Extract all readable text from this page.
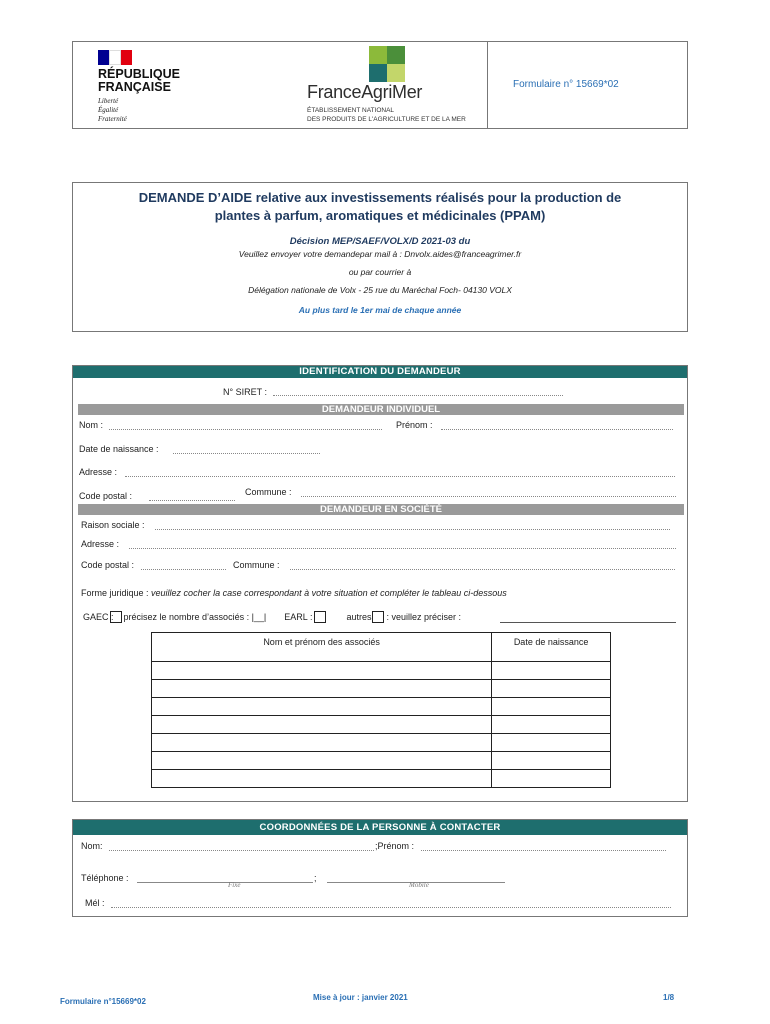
RÉPUBLIQUE
FRANÇAISE
Liberté
Égalité
Fraternité
FranceAgriMer
ÉTABLISSEMENT NATIONAL
DES PRODUITS DE L'AGRICULTURE ET DE LA MER
Formulaire n° 15669*02
DEMANDE D’AIDE relative aux investissements réalisés pour la production de
plantes à parfum, aromatiques et médicinales (PPAM)
Décision MEP/SAEF/VOLX/D 2021-03 du
Veuillez envoyer votre demandepar mail à : Dnvolx.aides@franceagrimer.fr
ou par courrier à
Délégation nationale de Volx - 25 rue du Maréchal Foch- 04130 VOLX
Au plus tard le 1er mai de chaque année
IDENTIFICATION DU DEMANDEUR
N° SIRET :
DEMANDEUR INDIVIDUEL
Nom :	Prénom :
Date de naissance :
Adresse :
Code postal :	Commune :
DEMANDEUR EN SOCIÉTÉ
Raison sociale :
Adresse :
Code postal :	Commune :
Forme juridique : veuillez cocher la case correspondant à votre situation et compléter le tableau ci-dessous
GAEC : précisez le nombre d’associés : |__| EARL :	autres : veuillez préciser :
Nom et prénom des associés	Date de naissance

COORDONNÉES DE LA PERSONNE À CONTACTER
Nom:	;Prénom :
Téléphone :	;
Fixe	Mobile
Mél :
Formulaire n°15669*02	Mise à jour : janvier 2021	1/8
